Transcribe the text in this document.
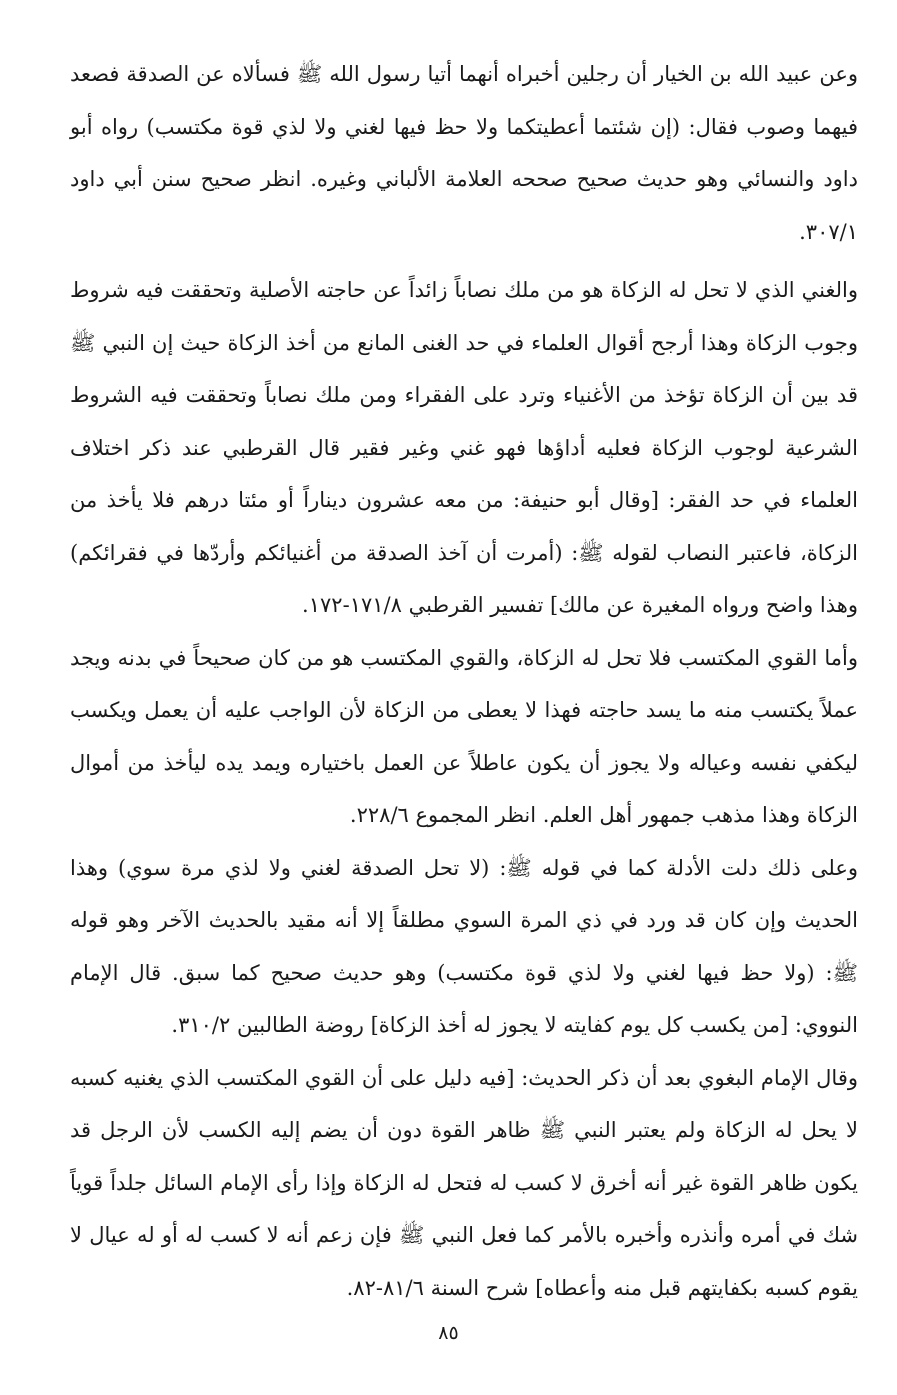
وعن عبيد الله بن الخيار أن رجلين أخبراه أنهما أتيا رسول الله ﷺ فسألاه عن الصدقة فصعد فيهما وصوب فقال: (إن شئتما أعطيتكما ولا حظ فيها لغني ولا لذي قوة مكتسب) رواه أبو داود والنسائي وهو حديث صحيح صححه العلامة الألباني وغيره. انظر صحيح سنن أبي داود ٣٠٧/١.

والغني الذي لا تحل له الزكاة هو من ملك نصاباً زائداً عن حاجته الأصلية وتحققت فيه شروط وجوب الزكاة وهذا أرجح أقوال العلماء في حد الغنى المانع من أخذ الزكاة حيث إن النبي ﷺ قد بين أن الزكاة تؤخذ من الأغنياء وترد على الفقراء ومن ملك نصاباً وتحققت فيه الشروط الشرعية لوجوب الزكاة فعليه أداؤها فهو غني وغير فقير قال القرطبي عند ذكر اختلاف العلماء في حد الفقر: [وقال أبو حنيفة: من معه عشرون ديناراً أو مئتا درهم فلا يأخذ من الزكاة، فاعتبر النصاب لقوله ﷺ: (أمرت أن آخذ الصدقة من أغنيائكم وأردّها في فقرائكم) وهذا واضح ورواه المغيرة عن مالك] تفسير القرطبي ١٧١/٨-١٧٢.

وأما القوي المكتسب فلا تحل له الزكاة، والقوي المكتسب هو من كان صحيحاً في بدنه ويجد عملاً يكتسب منه ما يسد حاجته فهذا لا يعطى من الزكاة لأن الواجب عليه أن يعمل ويكسب ليكفي نفسه وعياله ولا يجوز أن يكون عاطلاً عن العمل باختياره ويمد يده ليأخذ من أموال الزكاة وهذا مذهب جمهور أهل العلم. انظر المجموع ٢٢٨/٦.

وعلى ذلك دلت الأدلة كما في قوله ﷺ: (لا تحل الصدقة لغني ولا لذي مرة سوي) وهذا الحديث وإن كان قد ورد في ذي المرة السوي مطلقاً إلا أنه مقيد بالحديث الآخر وهو قوله ﷺ: (ولا حظ فيها لغني ولا لذي قوة مكتسب) وهو حديث صحيح كما سبق. قال الإمام النووي: [من يكسب كل يوم كفايته لا يجوز له أخذ الزكاة] روضة الطالبين ٣١٠/٢.

وقال الإمام البغوي بعد أن ذكر الحديث: [فيه دليل على أن القوي المكتسب الذي يغنيه كسبه لا يحل له الزكاة ولم يعتبر النبي ﷺ ظاهر القوة دون أن يضم إليه الكسب لأن الرجل قد يكون ظاهر القوة غير أنه أخرق لا كسب له فتحل له الزكاة وإذا رأى الإمام السائل جلداً قوياً شك في أمره وأنذره وأخبره بالأمر كما فعل النبي ﷺ فإن زعم أنه لا كسب له أو له عيال لا يقوم كسبه بكفايتهم قبل منه وأعطاه] شرح السنة ٨١/٦-٨٢.

٨٥
